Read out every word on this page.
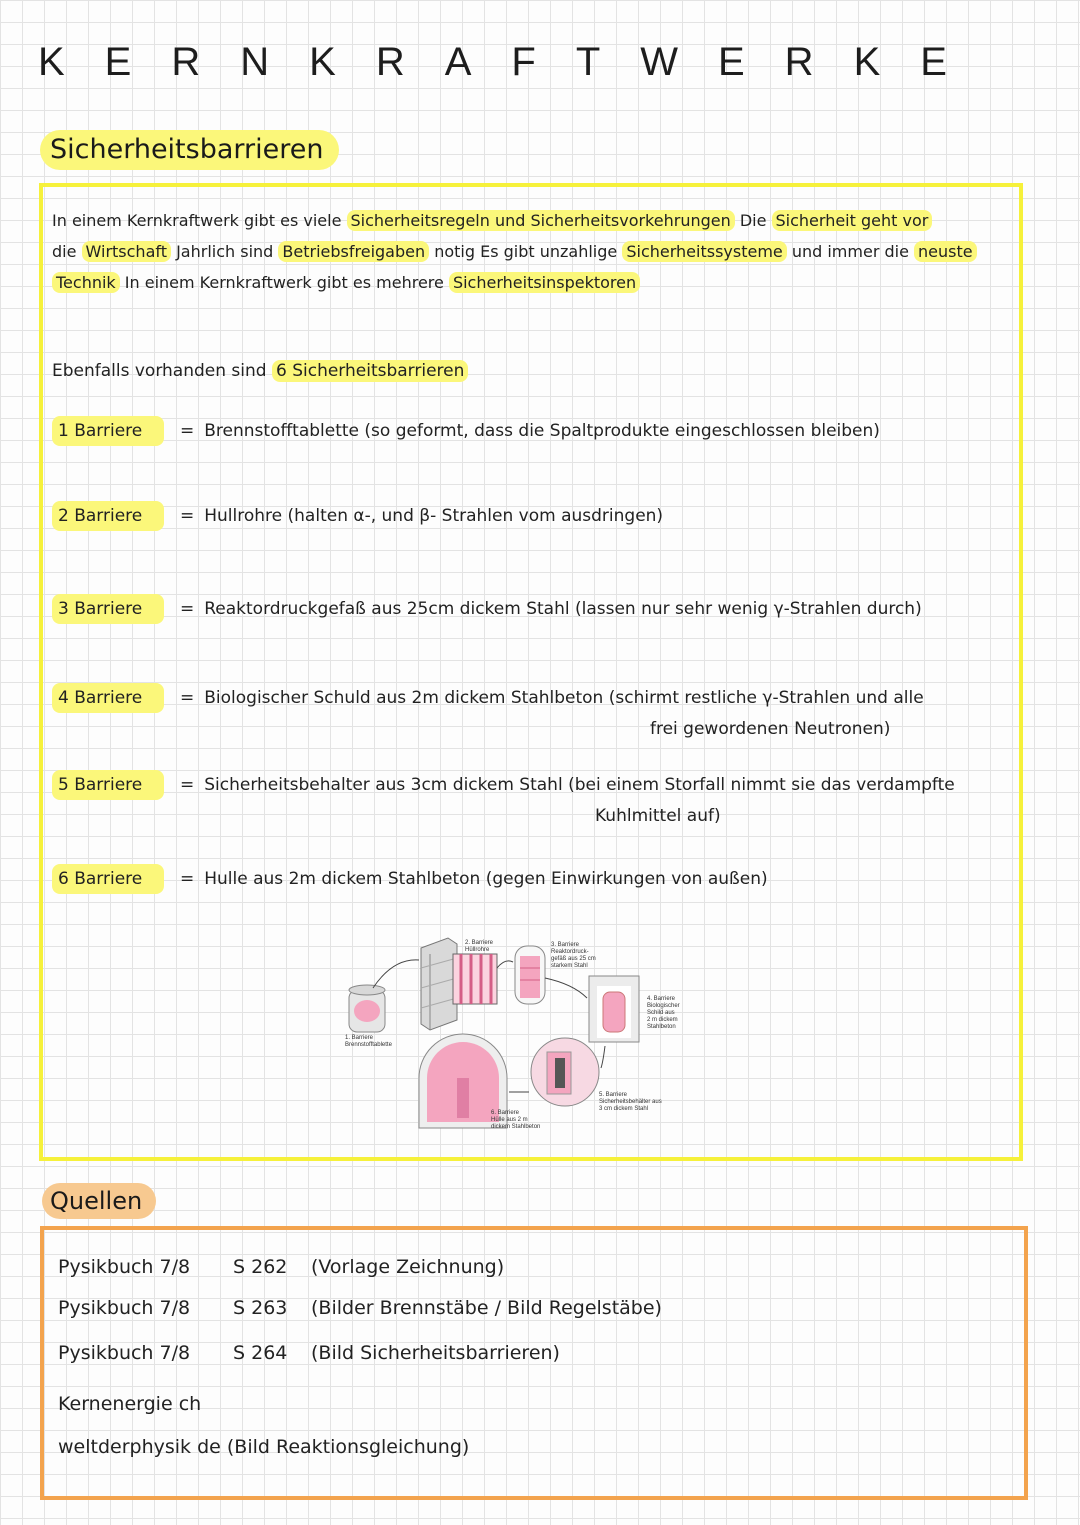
KERNKRAFTWERKE
Sicherheitsbarrieren
In einem Kernkraftwerk gibt es viele Sicherheitsregeln und Sicherheitsvorkehrungen Die Sicherheit geht vor
die Wirtschaft Jahrlich sind Betriebsfreigaben notig Es gibt unzahlige Sicherheitssysteme und immer die neuste
Technik In einem Kernkraftwerk gibt es mehrere Sicherheitsinspektoren
Ebenfalls vorhanden sind 6 Sicherheitsbarrieren
1 Barriere = Brennstofftablette (so geformt, dass die Spaltprodukte eingeschlossen bleiben)
2 Barriere = Hullrohre (halten α-, und β- Strahlen vom ausdringen)
3 Barriere = Reaktordruckgefaß aus 25cm dickem Stahl (lassen nur sehr wenig γ-Strahlen durch)
4 Barriere = Biologischer Schuld aus 2m dickem Stahlbeton (schirmt restliche γ-Strahlen und alle
frei gewordenen Neutronen)
5 Barriere = Sicherheitsbehalter aus 3cm dickem Stahl (bei einem Storfall nimmt sie das verdampfte
Kuhlmittel auf)
6 Barriere = Hulle aus 2m dickem Stahlbeton (gegen Einwirkungen von außen)
1. Barriere
Brennstofftablette
2. Barriere
Hüllrohre
3. Barriere
Reaktordruck-
gefäß aus 25 cm
starkem Stahl
4. Barriere
Biologischer
Schild aus
2 m dickem
Stahlbeton
5. Barriere
Sicherheitsbehälter aus
3 cm dickem Stahl
6. Barriere
Hülle aus 2 m
dickem Stahlbeton
Quellen
Pysikbuch 7/8 S 262 (Vorlage Zeichnung)
Pysikbuch 7/8 S 263 (Bilder Brennstäbe / Bild Regelstäbe)
Pysikbuch 7/8 S 264 (Bild Sicherheitsbarrieren)
Kernenergie ch
weltderphysik de (Bild Reaktionsgleichung)
